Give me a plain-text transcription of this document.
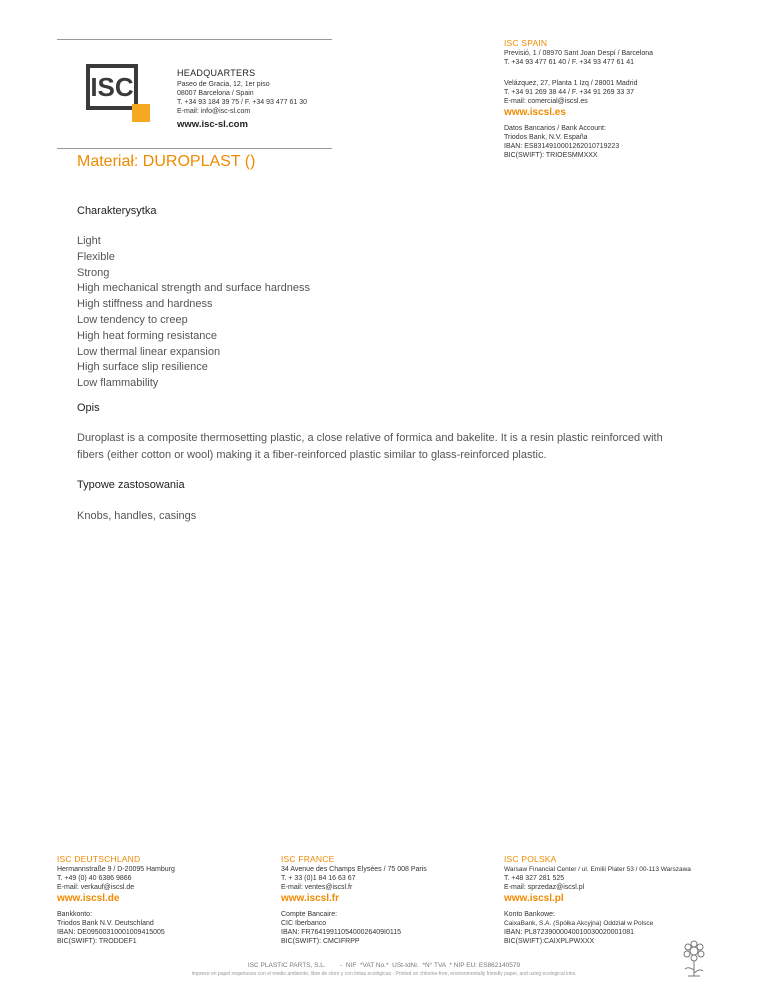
ISC	HEADQUARTERS
Paseo de Gracia, 12, 1er piso
08007 Barcelona / Spain
T. +34 93 184 39 75 / F. +34 93 477 61 30
E-mail: info@isc-sl.com
www.isc-sl.com
ISC SPAIN
Previsió, 1 / 08970 Sant Joan Despí / Barcelona
T. +34 93 477 61 40 / F. +34 93 477 61 41
Velázquez, 27, Planta 1 Izq / 28001 Madrid
T. +34 91 269 38 44 / F. +34 91 269 33 37
E-mail: comercial@iscsl.es
www.iscsl.es
Datos Bancarios / Bank Account:
Triodos Bank, N.V. España
IBAN: ES8314910001262010719223
BIC(SWIFT): TRIOESMMXXX
Materiał: DUROPLAST ()
Charakterysytka
Light
Flexible
Strong
High mechanical strength and surface hardness
High stiffness and hardness
Low tendency to creep
High heat forming resistance
Low thermal linear expansion
High surface slip resilience
Low flammability
Opis
Duroplast is a composite thermosetting plastic, a close relative of formica and bakelite. It is a resin plastic reinforced with
fibers (either cotton or wool) making it a fiber-reinforced plastic similar to glass-reinforced plastic.
Typowe zastosowania
Knobs, handles, casings
ISC DEUTSCHLAND
Hermannstraße 9 / D-20095 Hamburg
T. +49 (0) 40 6386 9866
E-mail: verkauf@iscsl.de
www.iscsl.de
Bankkonto:
Triodos Bank N.V. Deutschland
IBAN: DE09500310001009415005
BIC(SWIFT): TRODDEF1
ISC FRANCE
34 Avenue des Champs Elysées / 75 008 Paris
T. + 33 (0)1 84 16 63 67
E-mail: ventes@iscsl.fr
www.iscsl.fr
Compte Bancaire:
CIC Iberbanco
IBAN: FR7641991105400026409I0115
BIC(SWIFT): CMCIFRPP
ISC POLSKA
Warsaw Financial Center / ul. Emilii Plater 53 / 00-113 Warszawa
T. +48 327 281 525
E-mail: sprzedaz@iscsl.pl
www.iscsl.pl
Konto Bankowe:
CaixaBank, S.A. (Spółka Akcyjna) Oddział w Polsce
IBAN: PL87239000040010030020001081
BIC(SWIFT):CAIXPLPWXXX
ISC PLASTIC PARTS, S.L.        -  NIF  *VAT No.*  USt-IdNr.  *N° TVA  * NIP EU: ES862140579
Impreso en papel respetuoso con el medio ambiente, libre de cloro y con tintas ecológicas · Printed on chlorine-free, environmentally friendly paper, and using ecological inks.
